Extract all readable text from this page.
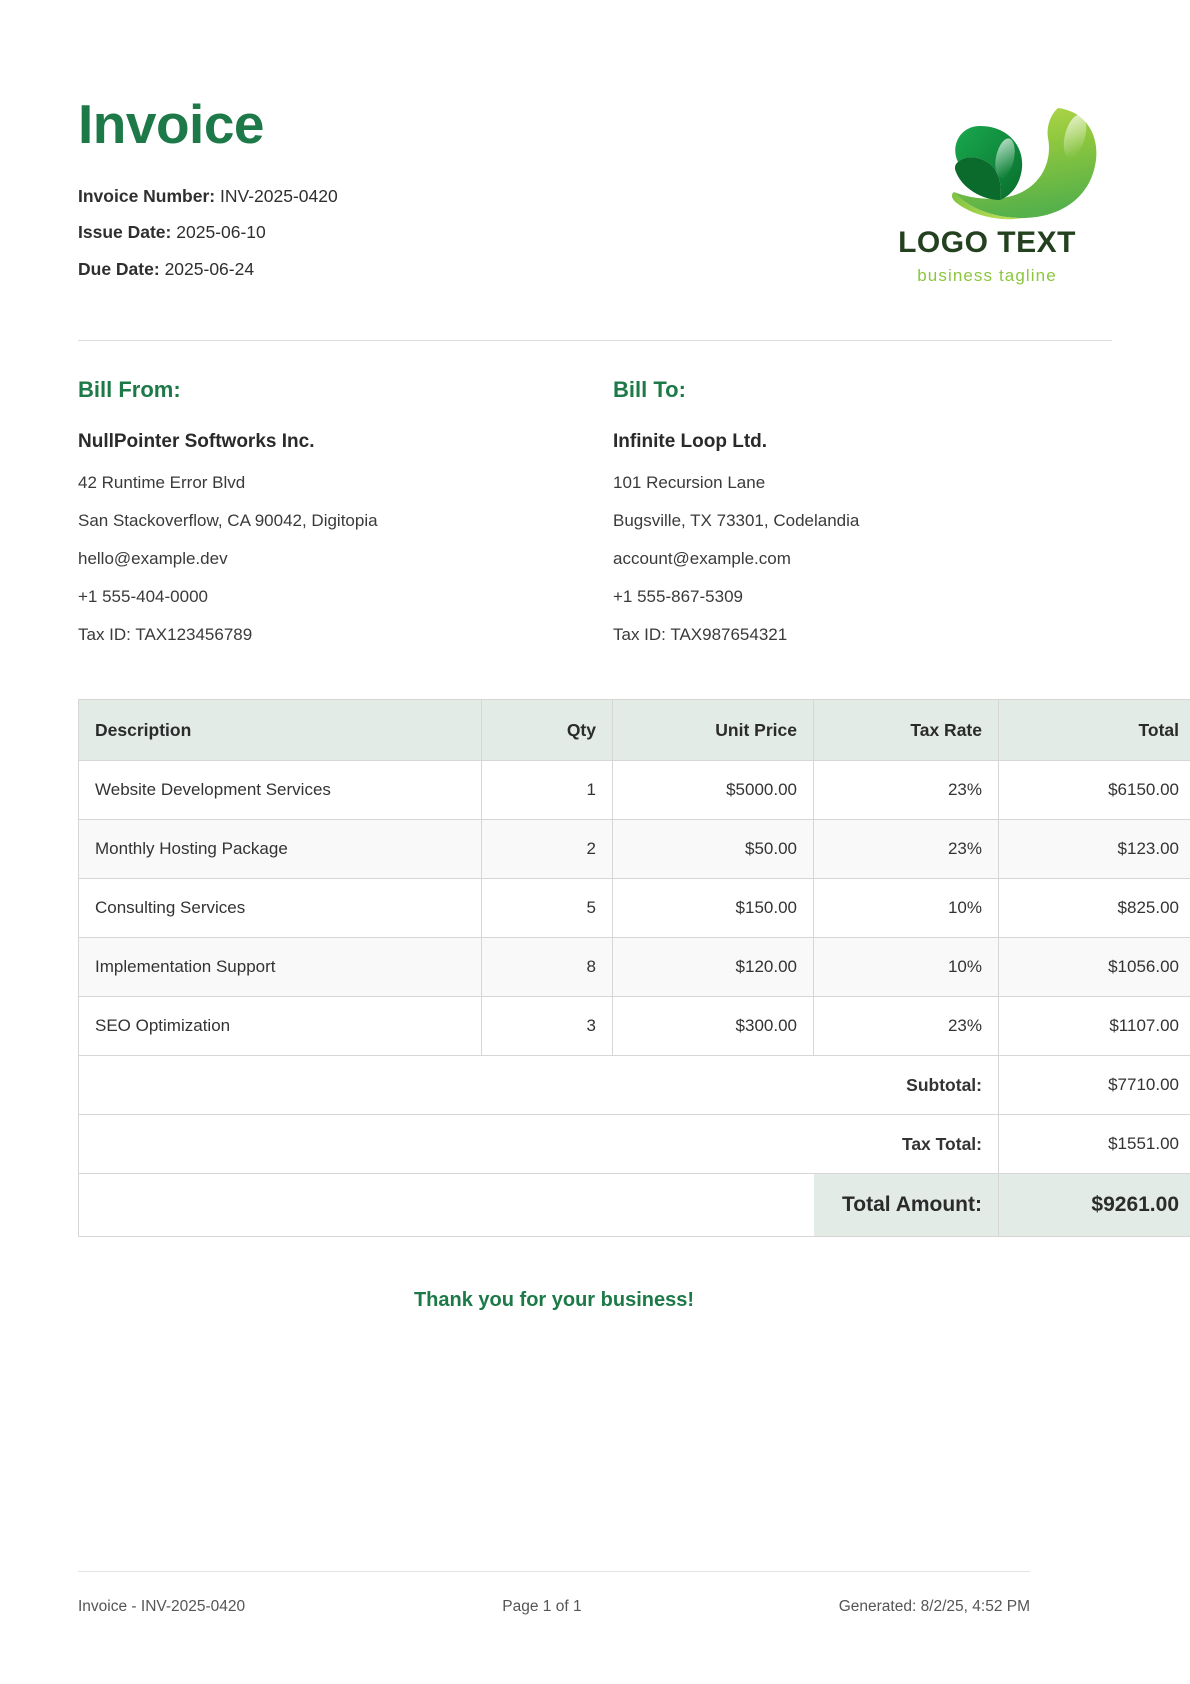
Invoice
Invoice Number: INV-2025-0420
Issue Date: 2025-06-10
Due Date: 2025-06-24
LOGO TEXT
business tagline
Bill From:
NullPointer Softworks Inc.
42 Runtime Error Blvd
San Stackoverflow, CA 90042, Digitopia
hello@example.dev
+1 555-404-0000
Tax ID: TAX123456789
Bill To:
Infinite Loop Ltd.
101 Recursion Lane
Bugsville, TX 73301, Codelandia
account@example.com
+1 555-867-5309
Tax ID: TAX987654321
Description	Qty	Unit Price	Tax Rate	Total
Website Development Services	1	$5000.00	23%	$6150.00
Monthly Hosting Package	2	$50.00	23%	$123.00
Consulting Services	5	$150.00	10%	$825.00
Implementation Support	8	$120.00	10%	$1056.00
SEO Optimization	3	$300.00	23%	$1107.00
			Subtotal:	$7710.00
			Tax Total:	$1551.00
			Total Amount:	$9261.00
Thank you for your business!
Invoice - INV-2025-0420	Page 1 of 1	Generated: 8/2/25, 4:52 PM
